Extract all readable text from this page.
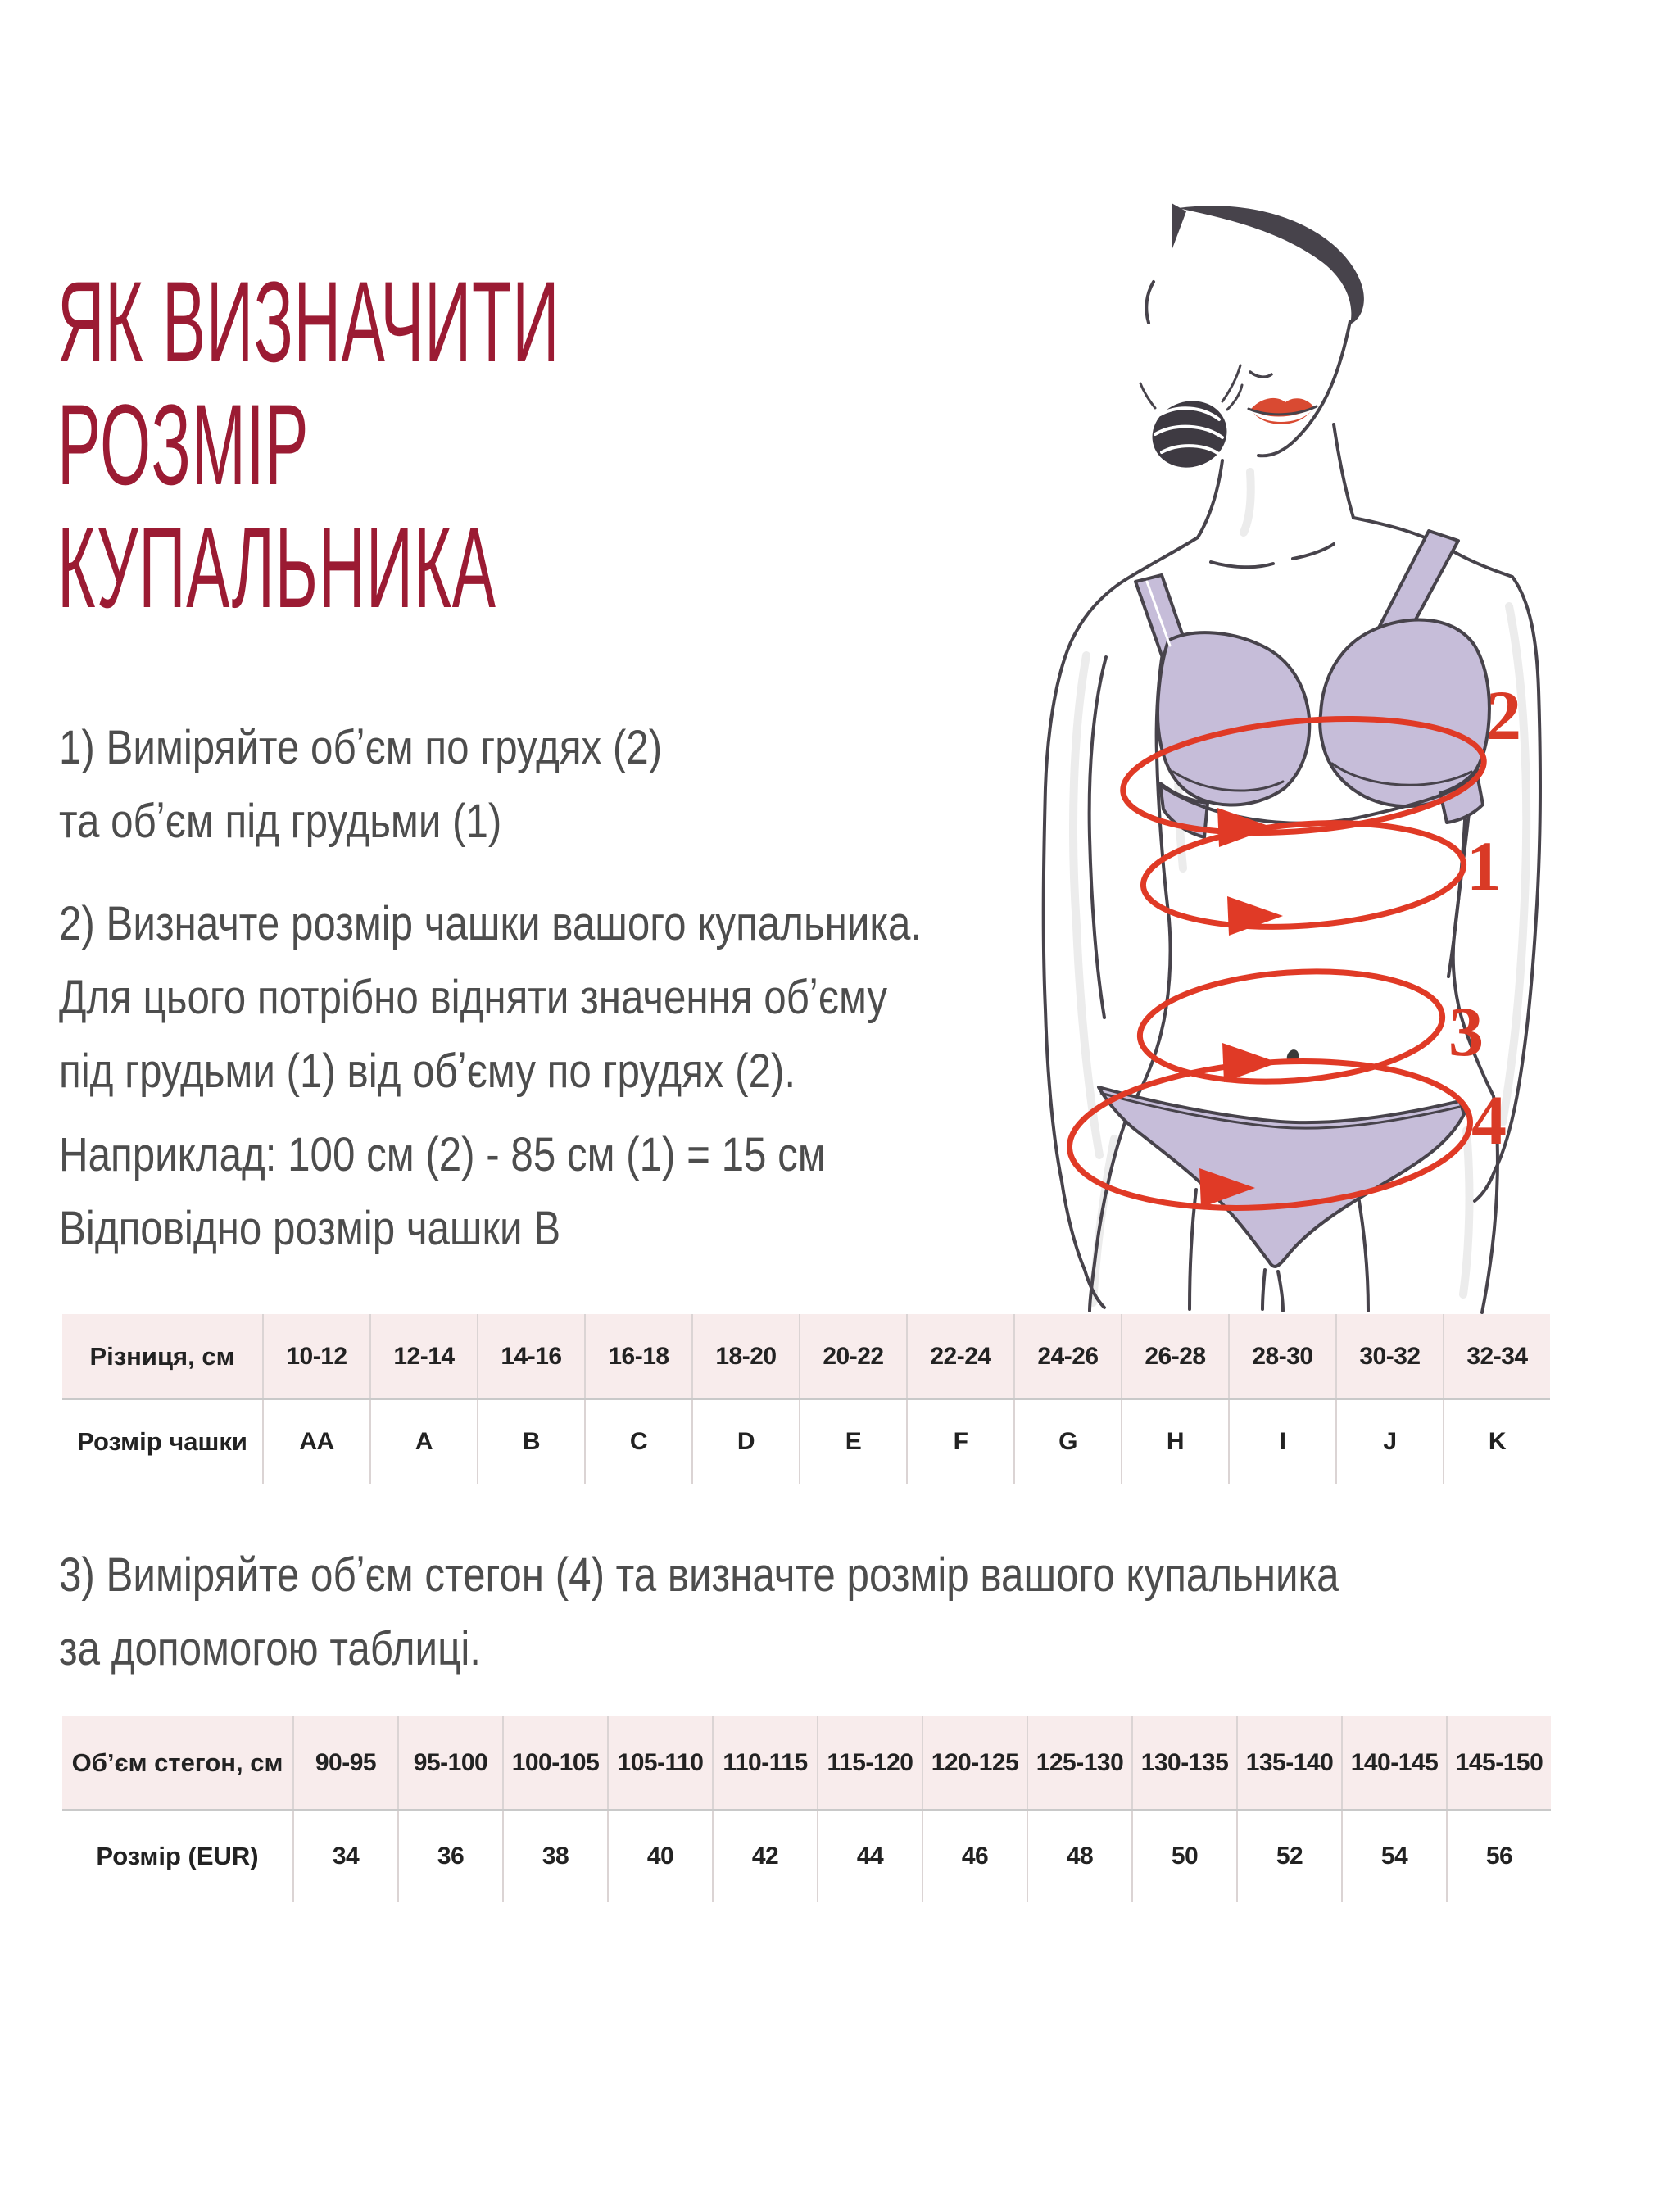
ЯК ВИЗНАЧИТИ
РОЗМІР
КУПАЛЬНИКА
1) Виміряйте обʼєм по грудях (2)
та обʼєм під грудьми (1)
2) Визначте розмір чашки вашого купальника.
Для цього потрібно відняти значення обʼєму
під грудьми (1) від обʼєму по грудях (2).
Наприклад: 100 см (2) - 85 см (1) = 15 см
Відповідно розмір чашки B
2
1
3
4
Різниця, см	10-12	12-14	14-16	16-18	18-20	20-22	22-24	24-26	26-28	28-30	30-32	32-34
Розмір чашки	AA	A	B	C	D	E	F	G	H	I	J	K
3) Виміряйте обʼєм стегон (4) та визначте розмір вашого купальника
за допомогою таблиці.
Обʼєм стегон, см	90-95	95-100 100-105 105-110 110-115 115-120 120-125 125-130 130-135 135-140 140-145 145-150
Розмір (EUR)	34	36	38	40	42	44	46	48	50	52	54	56
